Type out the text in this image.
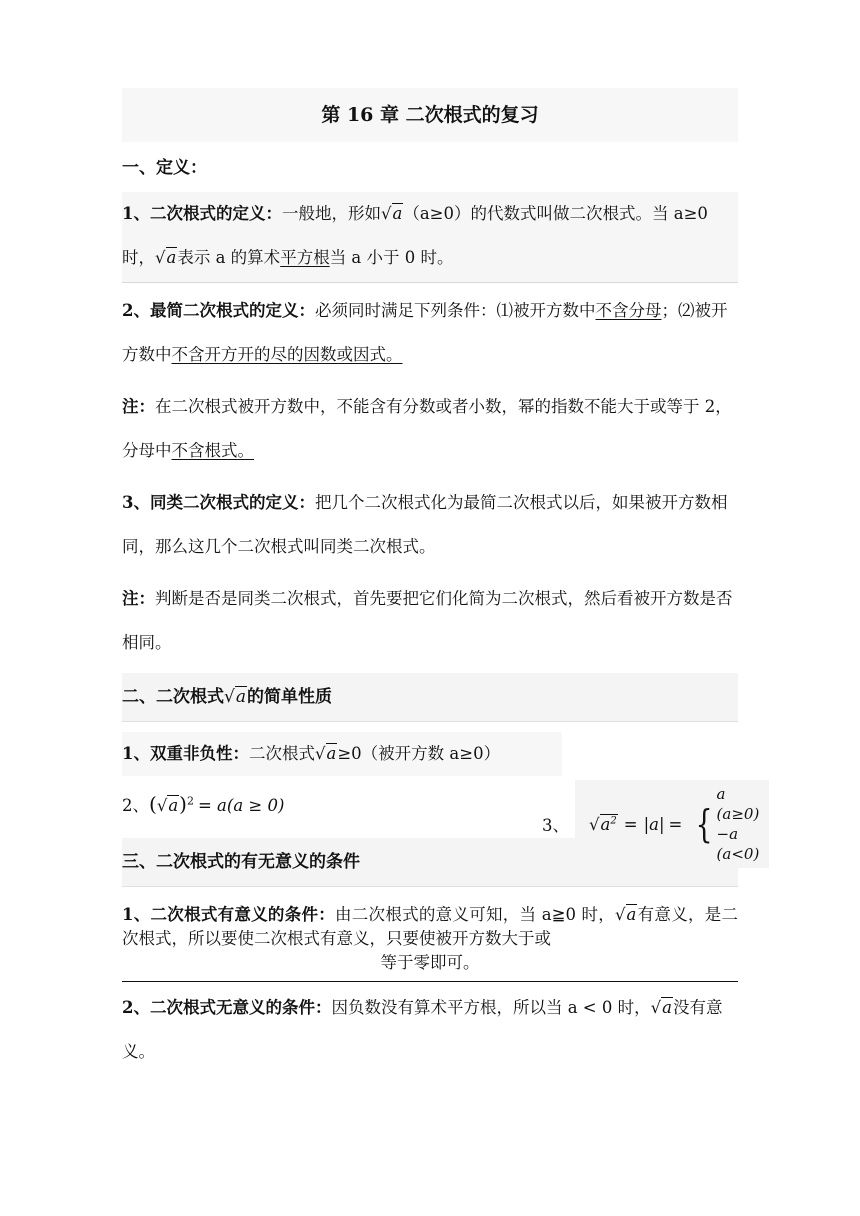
第 16 章 二次根式的复习
一、定义：
1、二次根式的定义：一般地，形如√a（a≥0）的代数式叫做二次根式。当 a≥0 时，√a表示 a 的算术平方根当 a 小于 0 时。
2、最简二次根式的定义：必须同时满足下列条件：⑴被开方数中不含分母；⑵被开方数中不含开方开的尽的因数或因式。
注：在二次根式被开方数中，不能含有分数或者小数，幂的指数不能大于或等于 2，分母中不含根式。
3、同类二次根式的定义：把几个二次根式化为最简二次根式以后，如果被开方数相同，那么这几个二次根式叫同类二次根式。
注：判断是否是同类二次根式，首先要把它们化简为二次根式，然后看被开方数是否相同。
二、二次根式√a的简单性质
1、双重非负性：二次根式√a≥0（被开方数 a≥0）
2、$(√a)^2 = a(a \ge 0)$
3、 $√a^2 = |a|$ = {
a (a≥0)
−a (a<0)
三、二次根式的有无意义的条件
1、二次根式有意义的条件：由二次根式的意义可知，当 a≧0 时，√a有意义，是二次根式，所以要使二次根式有意义，只要使被开方数大于或
等于零即可。
2、二次根式无意义的条件：因负数没有算术平方根，所以当 a < 0 时，√a没有意义。
